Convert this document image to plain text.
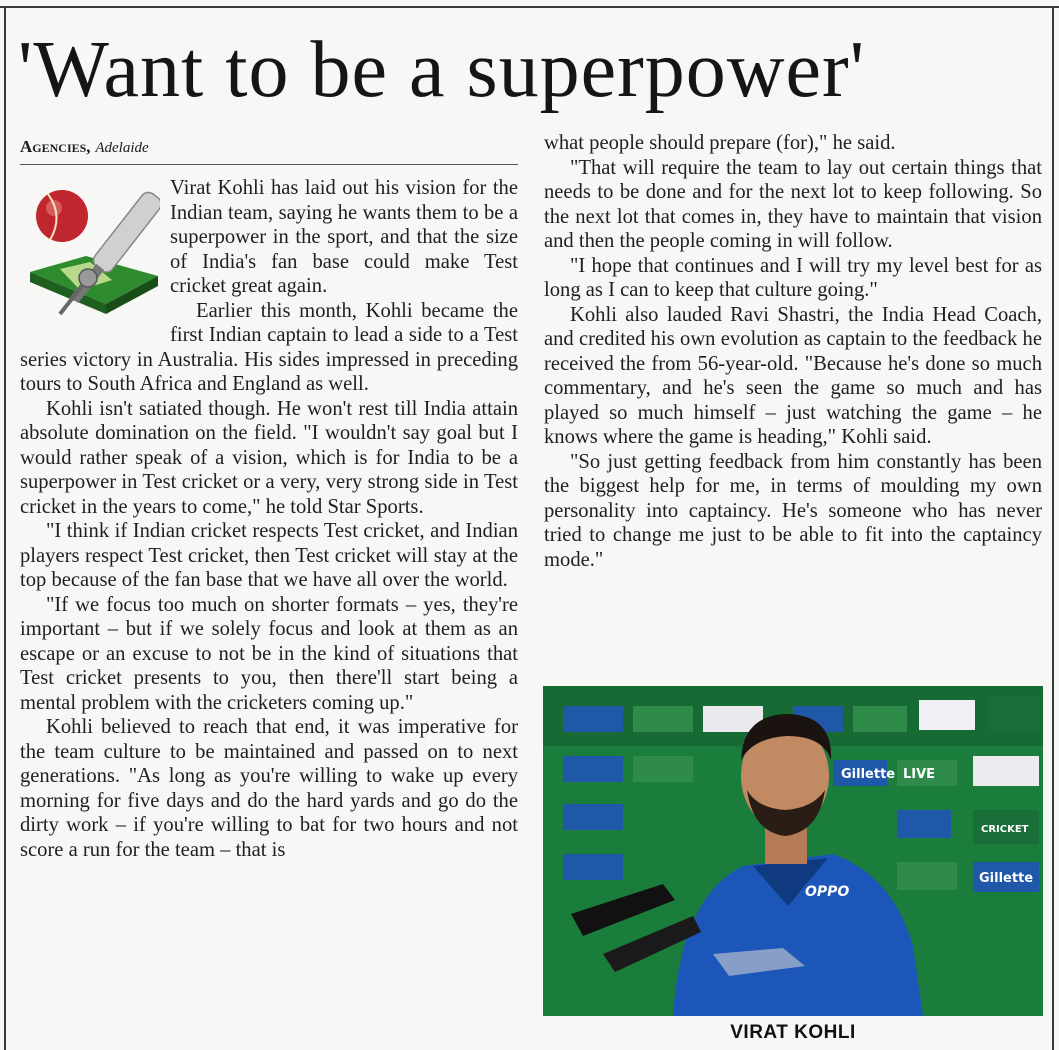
'Want to be a superpower'
Agencies, Adelaide

Virat Kohli has laid out his vision for the Indian team, saying he wants them to be a superpower in the sport, and that the size of India's fan base could make Test cricket great again.

Earlier this month, Kohli became the first Indian captain to lead a side to a Test series victory in Australia. His sides impressed in preceding tours to South Africa and England as well.

Kohli isn't satiated though. He won't rest till India attain absolute domination on the field. "I wouldn't say goal but I would rather speak of a vision, which is for India to be a superpower in Test cricket or a very, very strong side in Test cricket in the years to come," he told Star Sports.

"I think if Indian cricket respects Test cricket, and Indian players respect Test cricket, then Test cricket will stay at the top because of the fan base that we have all over the world.

"If we focus too much on shorter formats – yes, they're important – but if we solely focus and look at them as an escape or an excuse to not be in the kind of situations that Test cricket presents to you, then there'll start being a mental problem with the cricketers coming up."

Kohli believed to reach that end, it was imperative for the team culture to be maintained and passed on to next generations. "As long as you're willing to wake up every morning for five days and do the hard yards and go do the dirty work – if you're willing to bat for two hours and not score a run for the team – that is

what people should prepare (for)," he said.

"That will require the team to lay out certain things that needs to be done and for the next lot to keep following. So the next lot that comes in, they have to maintain that vision and then the people coming in will follow.

"I hope that continues and I will try my level best for as long as I can to keep that culture going."

Kohli also lauded Ravi Shastri, the India Head Coach, and credited his own evolution as captain to the feedback he received the from 56-year-old. "Because he's done so much commentary, and he's seen the game so much and has played so much himself – just watching the game – he knows where the game is heading," Kohli said.

"So just getting feedback from him constantly has been the biggest help for me, in terms of moulding my own personality into captaincy. He's someone who has never tried to change me just to be able to fit into the captaincy mode."

Gillette LIVE
CRICKET
Gillette
OPPO
VIRAT KOHLI
